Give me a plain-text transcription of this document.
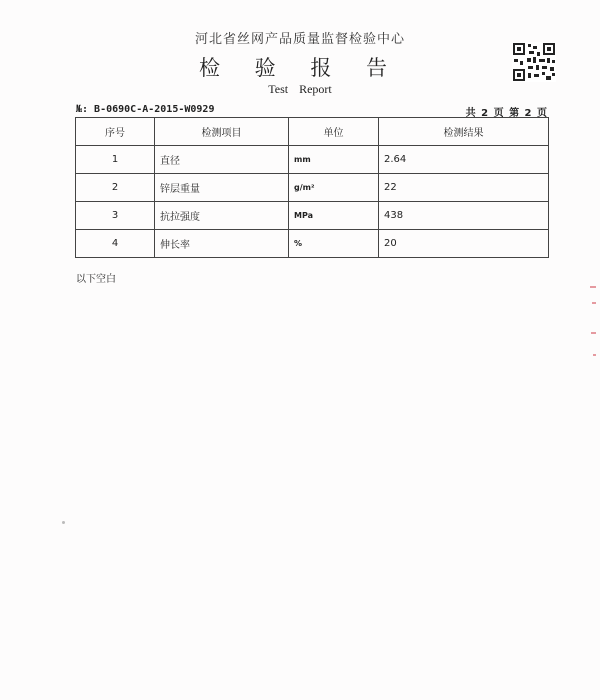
河北省丝网产品质量监督检验中心
检 验 报 告
Test Report
№: B-0690C-A-2015-W0929	共 2 页 第 2 页
序号	检测项目	单位	检测结果
1	直径	mm	2.64
2	锌层重量	g/m²	22
3	抗拉强度	MPa	438
4	伸长率	%	20
以下空白
